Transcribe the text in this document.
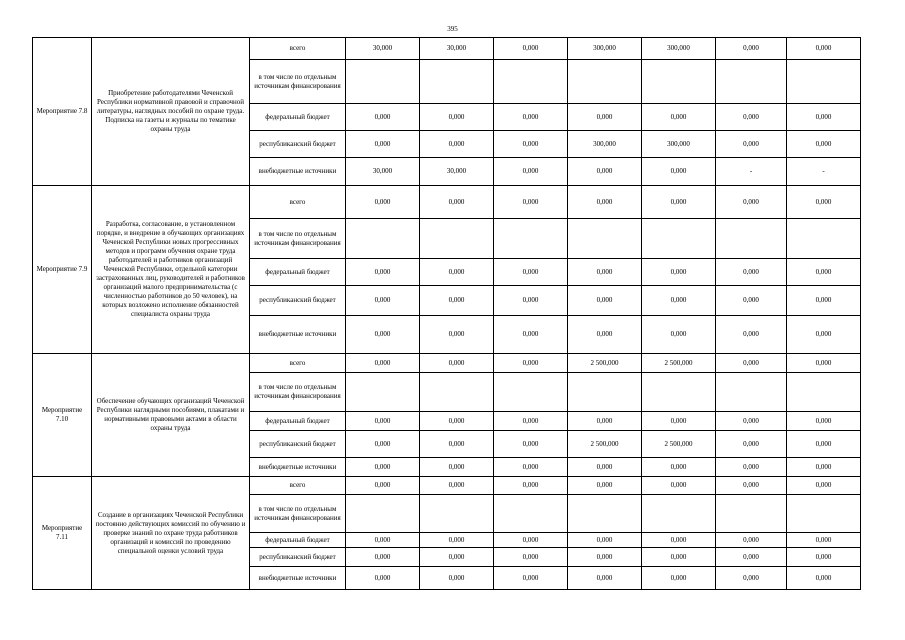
395
Мероприятие 7.8	Приобретение работодателями Чеченской Республики нормативной правовой и справочной литературы, наглядных пособий по охране труда. Подписка на газеты и журналы по тематике охраны труда	всего	30,000	30,000	0,000	300,000	300,000	0,000	0,000
		в том числе по отдельным источникам финансирования							
		федеральный бюджет	0,000	0,000	0,000	0,000	0,000	0,000	0,000
		республиканский бюджет	0,000	0,000	0,000	300,000	300,000	0,000	0,000
		внебюджетные источники	30,000	30,000	0,000	0,000	0,000	-	-
Мероприятие 7.9	Разработка, согласование, в установленном порядке, и внедрение в обучающих организациях Чеченской Республики новых прогрессивных методов и программ обучения охране труда работодателей и работников организаций Чеченской Республики, отдельной категории застрахованных лиц, руководителей и работников организаций малого предпринимательства (с численностью работников до 50 человек), на которых возложено исполнение обязанностей специалиста охраны труда	всего	0,000	0,000	0,000	0,000	0,000	0,000	0,000
		в том числе по отдельным источникам финансирования							
		федеральный бюджет	0,000	0,000	0,000	0,000	0,000	0,000	0,000
		республиканский бюджет	0,000	0,000	0,000	0,000	0,000	0,000	0,000
		внебюджетные источники	0,000	0,000	0,000	0,000	0,000	0,000	0,000
Мероприятие 7.10	Обеспечение обучающих организаций Чеченской Республики наглядными пособиями, плакатами и нормативными правовыми актами в области охраны труда	всего	0,000	0,000	0,000	2 500,000	2 500,000	0,000	0,000
		в том числе по отдельным источникам финансирования							
		федеральный бюджет	0,000	0,000	0,000	0,000	0,000	0,000	0,000
		республиканский бюджет	0,000	0,000	0,000	2 500,000	2 500,000	0,000	0,000
		внебюджетные источники	0,000	0,000	0,000	0,000	0,000	0,000	0,000
Мероприятие 7.11	Создание в организациях Чеченской Республики постоянно действующих комиссий по обучению и проверке знаний по охране труда работников организаций и комиссий по проведению специальной оценки условий труда	всего	0,000	0,000	0,000	0,000	0,000	0,000	0,000
		в том числе по отдельным источникам финансирования							
		федеральный бюджет	0,000	0,000	0,000	0,000	0,000	0,000	0,000
		республиканский бюджет	0,000	0,000	0,000	0,000	0,000	0,000	0,000
		внебюджетные источники	0,000	0,000	0,000	0,000	0,000	0,000	0,000
